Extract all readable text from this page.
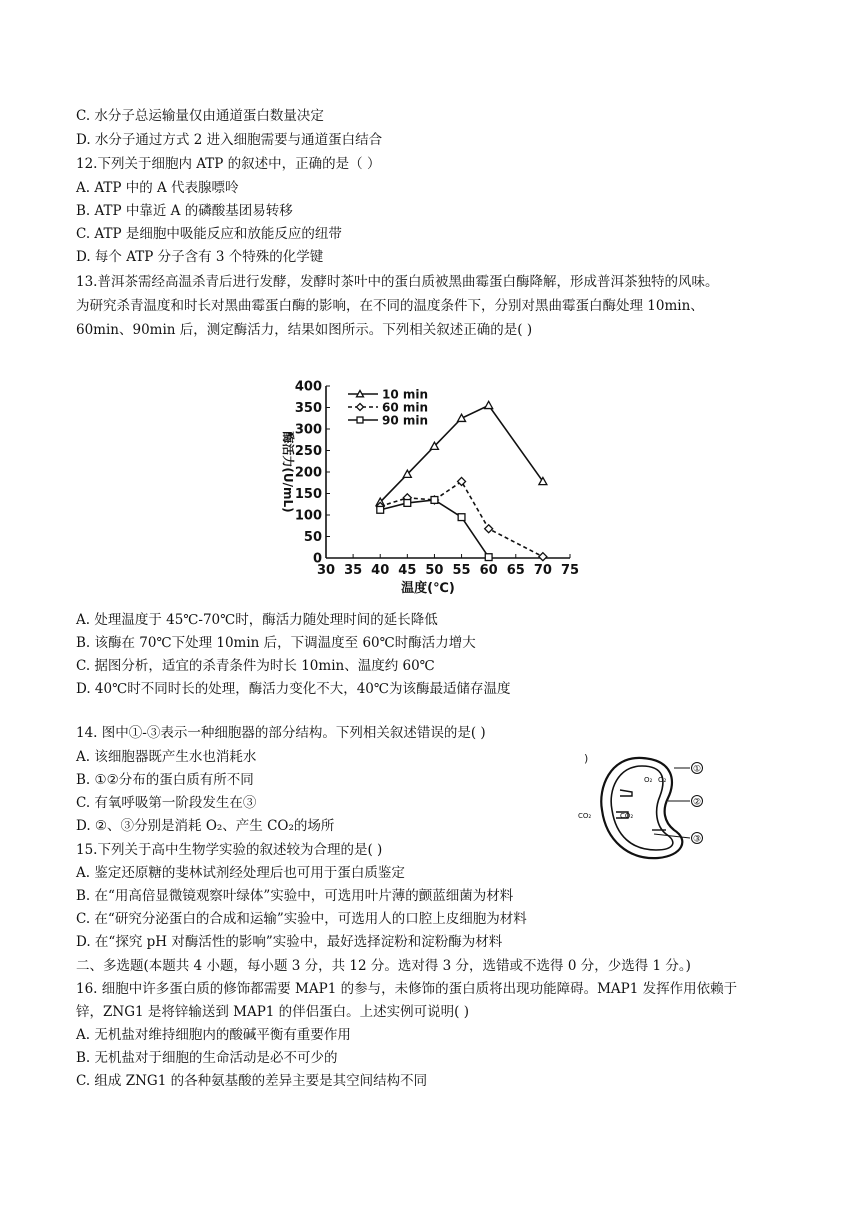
C. 水分子总运输量仅由通道蛋白数量决定
D. 水分子通过方式 2 进入细胞需要与通道蛋白结合
12.下列关于细胞内 ATP 的叙述中，正确的是（ ）
A. ATP 中的 A 代表腺嘌呤
B. ATP 中靠近 A 的磷酸基团易转移
C. ATP 是细胞中吸能反应和放能反应的纽带
D. 每个 ATP 分子含有 3 个特殊的化学键
13.普洱茶需经高温杀青后进行发酵，发酵时茶叶中的蛋白质被黑曲霉蛋白酶降解，形成普洱茶独特的风味。
为研究杀青温度和时长对黑曲霉蛋白酶的影响，在不同的温度条件下，分别对黑曲霉蛋白酶处理 10min、
60min、90min 后，测定酶活力，结果如图所示。下列相关叙述正确的是( )
30 35 40 45 50 55 60 65 70 75
0
50
100
150
200
250
300
350
400
温度(℃)
酶活力(U/mL)
10 min
60 min
90 min
A. 处理温度于 45℃-70℃时，酶活力随处理时间的延长降低
B. 该酶在 70℃下处理 10min 后，下调温度至 60℃时酶活力增大
C. 据图分析，适宜的杀青条件为时长 10min、温度约 60℃
D. 40℃时不同时长的处理，酶活力变化不大，40℃为该酶最适储存温度
14. 图中①-③表示一种细胞器的部分结构。下列相关叙述错误的是( )
A. 该细胞器既产生水也消耗水
B. ①②分布的蛋白质有所不同
C. 有氧呼吸第一阶段发生在③
D. ②、③分别是消耗 O₂、产生 CO₂的场所
)
O₂ O₂
CO₂	CO₂
①
②
③
15.下列关于高中生物学实验的叙述较为合理的是( )
A. 鉴定还原糖的斐林试剂经处理后也可用于蛋白质鉴定
B. 在“用高倍显微镜观察叶绿体”实验中，可选用叶片薄的颤蓝细菌为材料
C. 在“研究分泌蛋白的合成和运输”实验中，可选用人的口腔上皮细胞为材料
D. 在“探究 pH 对酶活性的影响”实验中，最好选择淀粉和淀粉酶为材料
二、多选题(本题共 4 小题，每小题 3 分，共 12 分。选对得 3 分，选错或不选得 0 分，少选得 1 分。)
16. 细胞中许多蛋白质的修饰都需要 MAP1 的参与，未修饰的蛋白质将出现功能障碍。MAP1 发挥作用依赖于
锌，ZNG1 是将锌输送到 MAP1 的伴侣蛋白。上述实例可说明( )
A. 无机盐对维持细胞内的酸碱平衡有重要作用
B. 无机盐对于细胞的生命活动是必不可少的
C. 组成 ZNG1 的各种氨基酸的差异主要是其空间结构不同
